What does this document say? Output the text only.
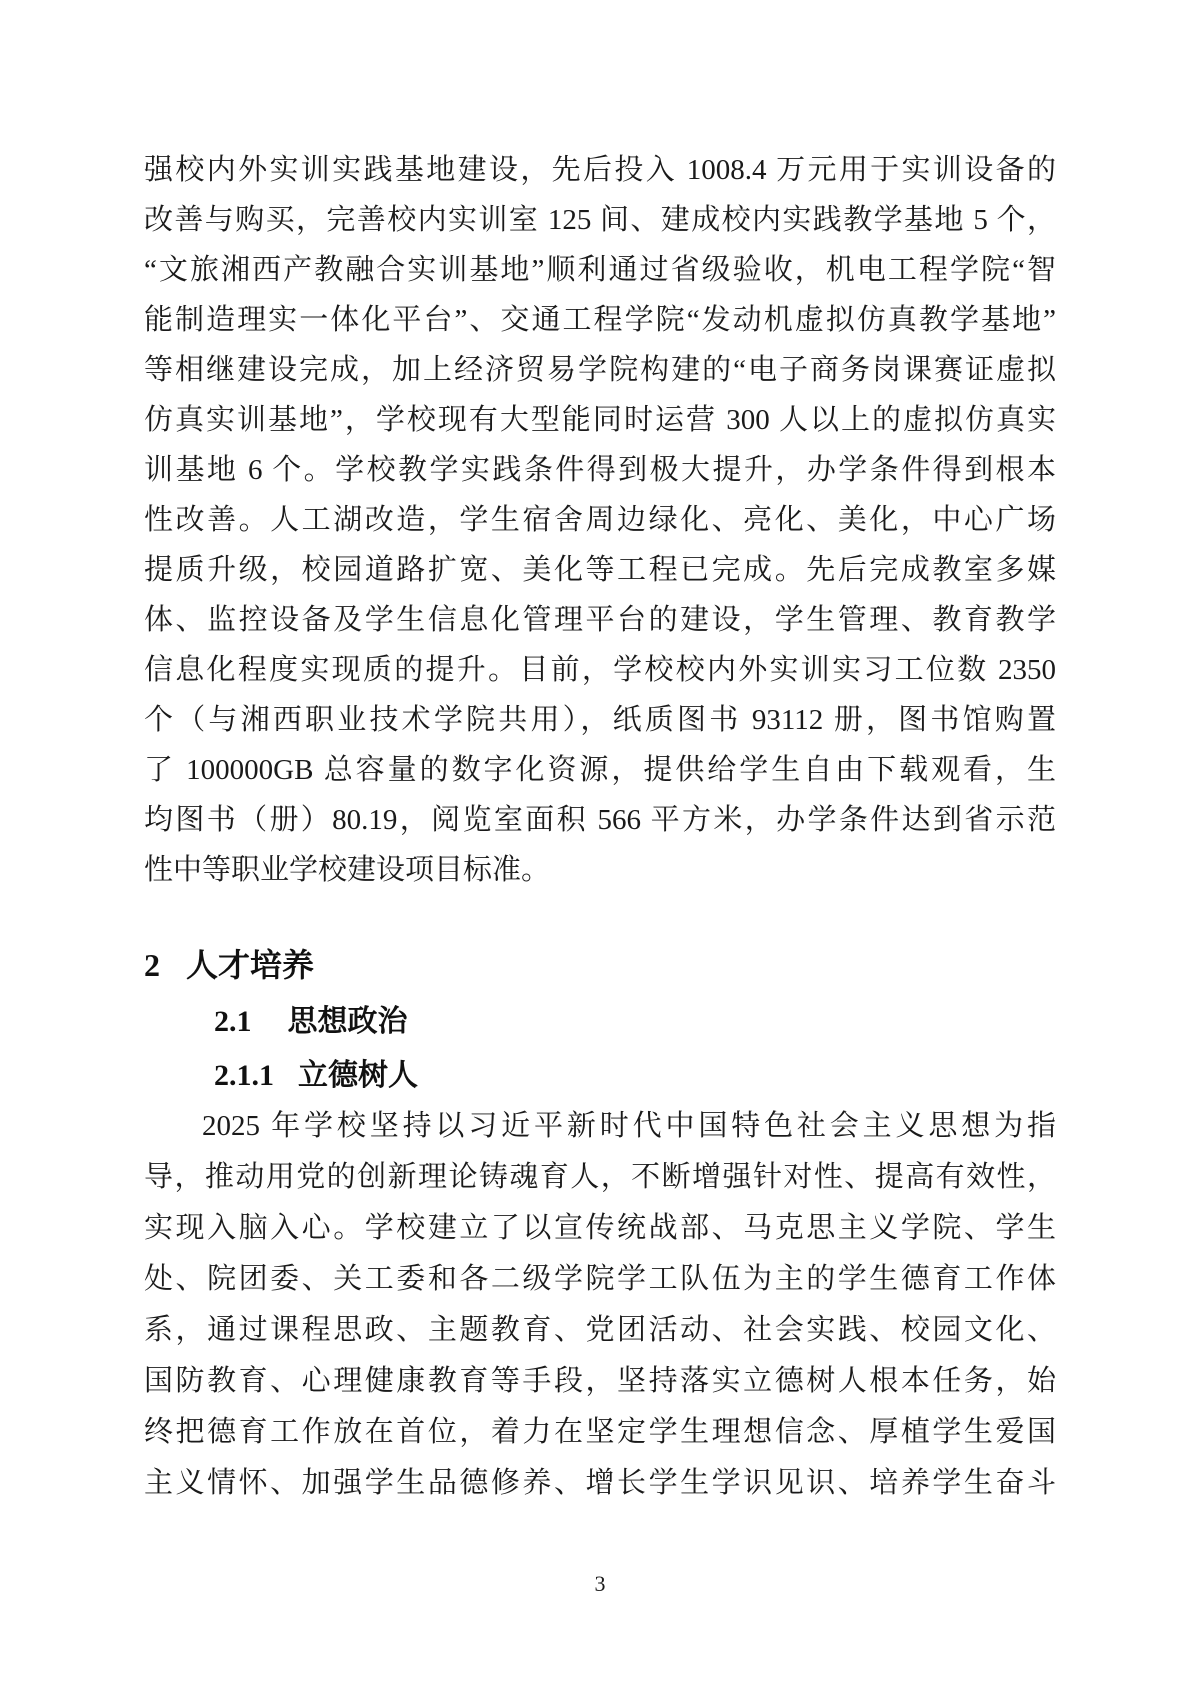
强校内外实训实践基地建设，先后投入 1008.4 万元用于实训设备的
改善与购买，完善校内实训室 125 间、建成校内实践教学基地 5 个，
“文旅湘西产教融合实训基地”顺利通过省级验收，机电工程学院“智
能制造理实一体化平台”、交通工程学院“发动机虚拟仿真教学基地”
等相继建设完成，加上经济贸易学院构建的“电子商务岗课赛证虚拟
仿真实训基地”，学校现有大型能同时运营 300 人以上的虚拟仿真实
训基地 6 个。学校教学实践条件得到极大提升，办学条件得到根本
性改善。人工湖改造，学生宿舍周边绿化、亮化、美化，中心广场
提质升级，校园道路扩宽、美化等工程已完成。先后完成教室多媒
体、监控设备及学生信息化管理平台的建设，学生管理、教育教学
信息化程度实现质的提升。目前，学校校内外实训实习工位数 2350
个（与湘西职业技术学院共用），纸质图书 93112 册，图书馆购置
了 100000GB 总容量的数字化资源，提供给学生自由下载观看，生
均图书（册）80.19，阅览室面积 566 平方米，办学条件达到省示范
性中等职业学校建设项目标准。
2 人才培养
2.1 思想政治
2.1.1 立德树人
2025 年学校坚持以习近平新时代中国特色社会主义思想为指
导，推动用党的创新理论铸魂育人，不断增强针对性、提高有效性，
实现入脑入心。学校建立了以宣传统战部、马克思主义学院、学生
处、院团委、关工委和各二级学院学工队伍为主的学生德育工作体
系，通过课程思政、主题教育、党团活动、社会实践、校园文化、
国防教育、心理健康教育等手段，坚持落实立德树人根本任务，始
终把德育工作放在首位，着力在坚定学生理想信念、厚植学生爱国
主义情怀、加强学生品德修养、增长学生学识见识、培养学生奋斗
3
